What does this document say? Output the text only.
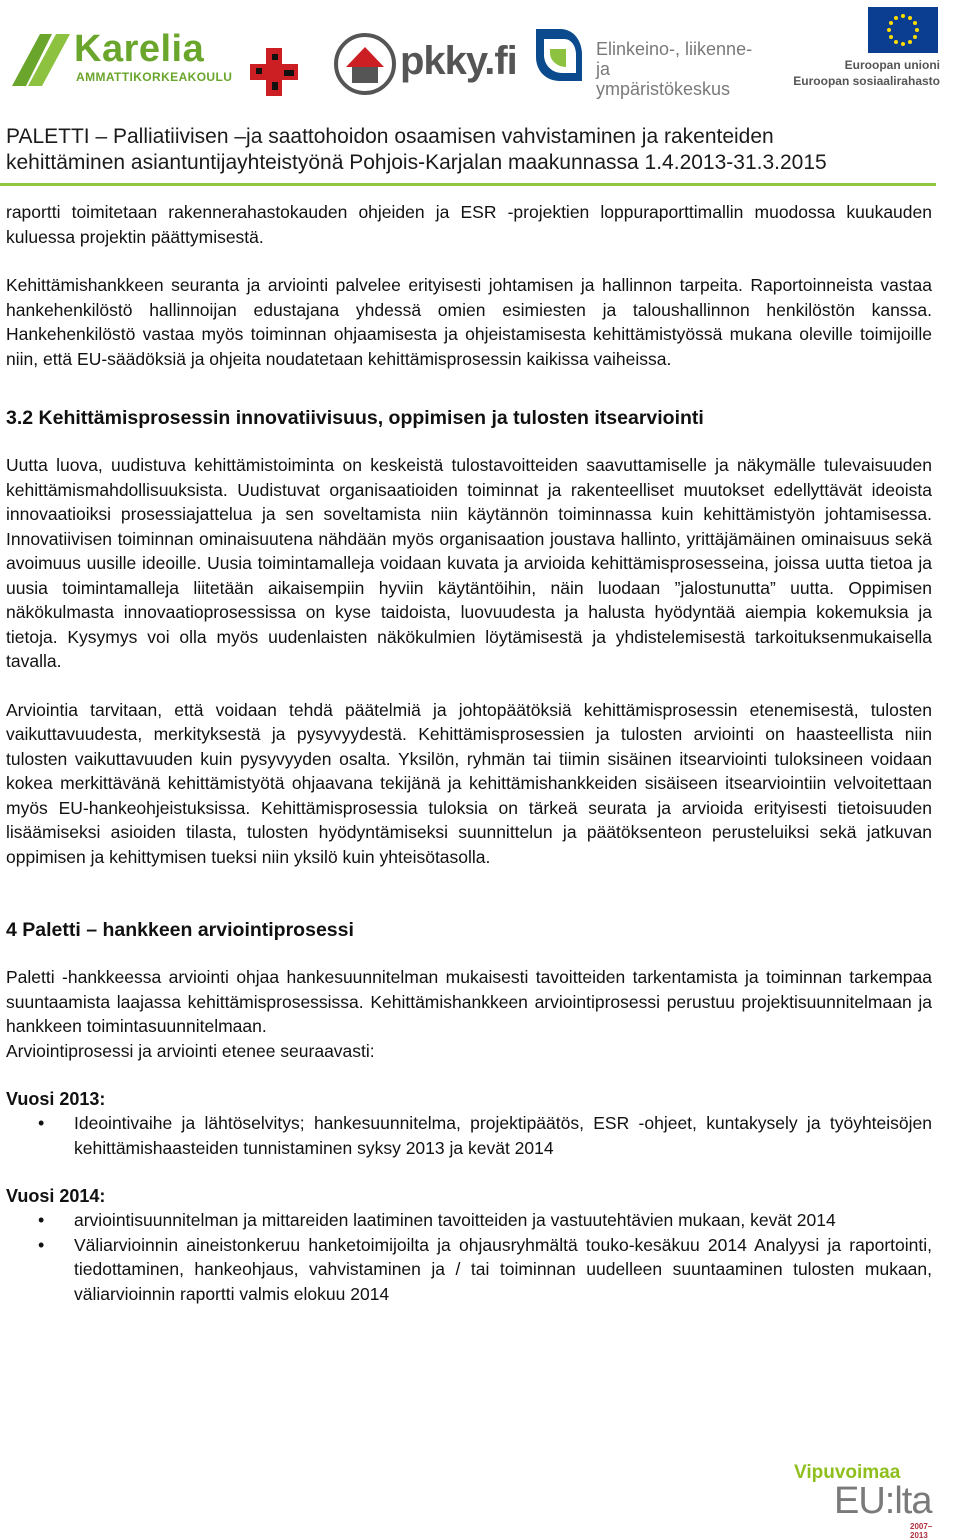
Karelia
AMMATTIKORKEAKOULU	pkky.fi	Elinkeino-, liikenne- ja
ympäristökeskus
Euroopan unioni
Euroopan sosiaalirahasto
PALETTI – Palliatiivisen –ja saattohoidon osaamisen vahvistaminen ja rakenteiden
kehittäminen asiantuntijayhteistyönä Pohjois-Karjalan maakunnassa 1.4.2013-31.3.2015

raportti toimitetaan rakennerahastokauden ohjeiden ja ESR -projektien loppuraporttimallin muodossa kuukauden kuluessa projektin päättymisestä.

Kehittämishankkeen seuranta ja arviointi palvelee erityisesti johtamisen ja hallinnon tarpeita. Raportoinneista vastaa hankehenkilöstö hallinnoijan edustajana yhdessä omien esimiesten ja taloushallinnon henkilöstön kanssa. Hankehenkilöstö vastaa myös toiminnan ohjaamisesta ja ohjeistamisesta kehittämistyössä mukana oleville toimijoille niin, että EU-säädöksiä ja ohjeita noudatetaan kehittämisprosessin kaikissa vaiheissa.

3.2 Kehittämisprosessin innovatiivisuus, oppimisen ja tulosten itsearviointi

Uutta luova, uudistuva kehittämistoiminta on keskeistä tulostavoitteiden saavuttamiselle ja näkymälle tulevaisuuden kehittämismahdollisuuksista. Uudistuvat organisaatioiden toiminnat ja rakenteelliset muutokset edellyttävät ideoista innovaatioiksi prosessiajattelua ja sen soveltamista niin käytännön toiminnassa kuin kehittämistyön johtamisessa. Innovatiivisen toiminnan ominaisuutena nähdään myös organisaation joustava hallinto, yrittäjämäinen ominaisuus sekä avoimuus uusille ideoille. Uusia toimintamalleja voidaan kuvata ja arvioida kehittämisprosesseina, joissa uutta tietoa ja uusia toimintamalleja liitetään aikaisempiin hyviin käytäntöihin, näin luodaan ”jalostunutta” uutta. Oppimisen näkökulmasta innovaatioprosessissa on kyse taidoista, luovuudesta ja halusta hyödyntää aiempia kokemuksia ja tietoja. Kysymys voi olla myös uudenlaisten näkökulmien löytämisestä ja yhdistelemisestä tarkoituksenmukaisella tavalla.

Arviointia tarvitaan, että voidaan tehdä päätelmiä ja johtopäätöksiä kehittämisprosessin etenemisestä, tulosten vaikuttavuudesta, merkityksestä ja pysyvyydestä. Kehittämisprosessien ja tulosten arviointi on haasteellista niin tulosten vaikuttavuuden kuin pysyvyyden osalta. Yksilön, ryhmän tai tiimin sisäinen itsearviointi tuloksineen voidaan kokea merkittävänä kehittämistyötä ohjaavana tekijänä ja kehittämishankkeiden sisäiseen itsearviointiin velvoitettaan myös EU-hankeohjeistuksissa. Kehittämisprosessia tuloksia on tärkeä seurata ja arvioida erityisesti tietoisuuden lisäämiseksi asioiden tilasta, tulosten hyödyntämiseksi suunnittelun ja päätöksenteon perusteluiksi sekä jatkuvan oppimisen ja kehittymisen tueksi niin yksilö kuin yhteisötasolla.

4 Paletti – hankkeen arviointiprosessi

Paletti -hankkeessa arviointi ohjaa hankesuunnitelman mukaisesti tavoitteiden tarkentamista ja toiminnan tarkempaa suuntaamista laajassa kehittämisprosessissa. Kehittämishankkeen arviointiprosessi perustuu projektisuunnitelmaan ja hankkeen toimintasuunnitelmaan.

Arviointiprosessi ja arviointi etenee seuraavasti:

Vuosi 2013:

• Ideointivaihe ja lähtöselvitys; hankesuunnitelma, projektipäätös, ESR -ohjeet, kuntakysely ja työyhteisöjen kehittämishaasteiden tunnistaminen syksy 2013 ja kevät 2014

Vuosi 2014:

• arviointisuunnitelman ja mittareiden laatiminen tavoitteiden ja vastuutehtävien mukaan, kevät 2014
• Väliarvioinnin aineistonkeruu hanketoimijoilta ja ohjausryhmältä touko-kesäkuu 2014 Analyysi ja raportointi, tiedottaminen, hankeohjaus, vahvistaminen ja / tai toiminnan uudelleen suuntaaminen tulosten mukaan, väliarvioinnin raportti valmis elokuu 2014
Vipuvoimaa
EU:lta
2007–2013
